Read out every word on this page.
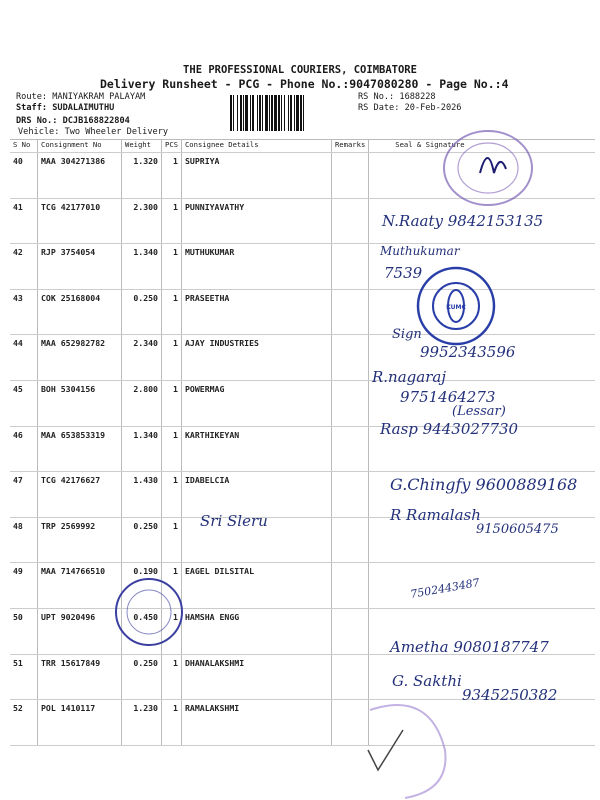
THE PROFESSIONAL COURIERS, COIMBATORE
Delivery Runsheet - PCG - Phone No.:9047080280 - Page No.:4
Route: MANIYAKRAM PALAYAM
Staff: SUDALAIMUTHU
DRS No.: DCJB168822804
Vehicle: Two Wheeler Delivery
RS No.: 1688228
RS Date: 20-Feb-2026
S No	Consignment No	Weight	PCS	Consignee Details	Remarks	Seal & Signature
40	MAA 304271386	1.320	1	SUPRIYA		
41	TCG 42177010	2.300	1	PUNNIYAVATHY		
42	RJP 3754054	1.340	1	MUTHUKUMAR		
43	COK 25168004	0.250	1	PRASEETHA		
44	MAA 652982782	2.340	1	AJAY INDUSTRIES		
45	BOH 5304156	2.800	1	POWERMAG		
46	MAA 653853319	1.340	1	KARTHIKEYAN		
47	TCG 42176627	1.430	1	IDABELCIA		
48	TRP 2569992	0.250	1			
49	MAA 714766510	0.190	1	EAGEL DILSITAL		
50	UPT 9020496	0.450	1	HAMSHA ENGG		
51	TRR 15617849	0.250	1	DHANALAKSHMI		
52	POL 1410117	1.230	1	RAMALAKSHMI		
KUMC
N.Raaty 9842153135
Muthukumar
7539
Sign
9952343596
R.nagaraj
9751464273
(Lessar)
Rasp 9443027730
G.Chingfy 9600889168
R Ramalash
9150605475
Sri Sleru
7502443487
Ametha 9080187747
G. Sakthi
9345250382
